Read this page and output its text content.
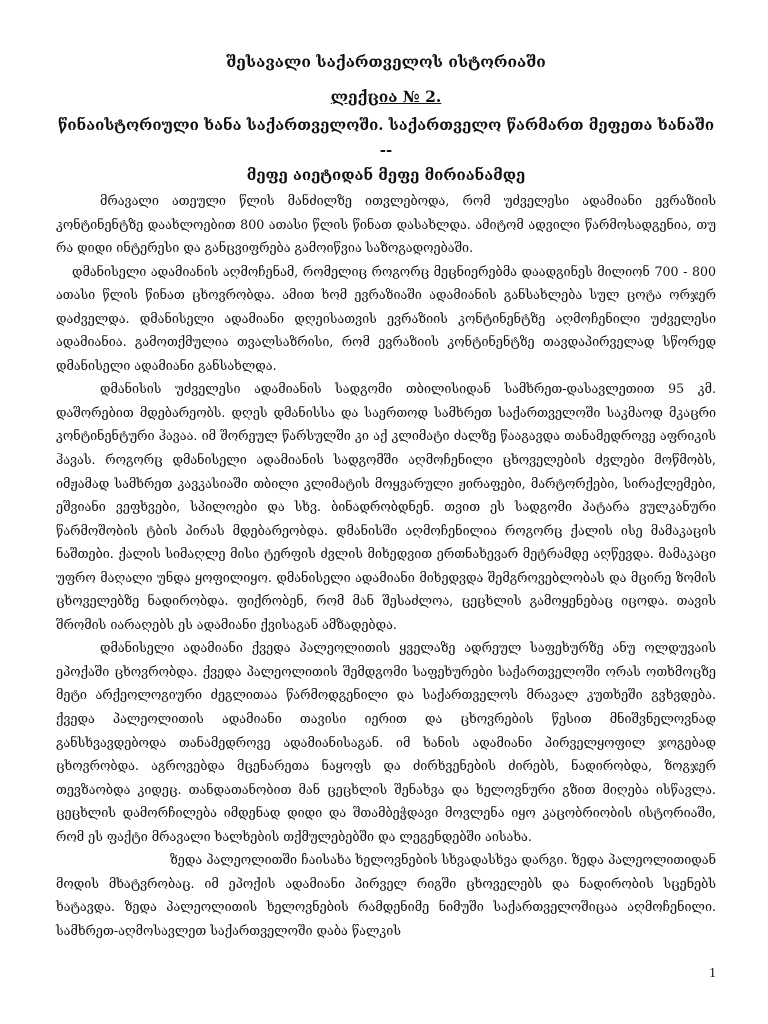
შესავალი საქართველოს ისტორიაში

ლექცია № 2.

წინაისტორიული ხანა საქართველოში. საქართველო წარმართ მეფეთა ხანაში --
მეფე აიეტიდან მეფე მირიანამდე

მრავალი ათეული წლის მანძილზე ითვლებოდა, რომ უძველესი ადამიანი ევრაზიის კონტინენტზე დაახლოებით 800 ათასი წლის წინათ დასახლდა. ამიტომ ადვილი წარმოსადგენია, თუ რა დიდი ინტერესი და განცვიფრება გამოიწვია საზოგადოებაში.

დმანისელი ადამიანის აღმოჩენამ, რომელიც როგორც მეცნიერებმა დაადგინეს მილიონ 700 - 800 ათასი წლის წინათ ცხოვრობდა. ამით ხომ ევრაზიაში ადამიანის განსახლება სულ ცოტა ორჯერ დაძველდა. დმანისელი ადამიანი დღეისათვის ევრაზიის კონტინენტზე აღმოჩენილი უძველესი ადამიანია. გამოთქმულია თვალსაზრისი, რომ ევრაზიის კონტინენტზე თავდაპირველად სწორედ დმანისელი ადამიანი განსახლდა.

დმანისის უძველესი ადამიანის სადგომი თბილისიდან სამხრეთ-დასავლეთით 95 კმ. დაშორებით მდებარეობს. დღეს დმანისსა და საერთოდ სამხრეთ საქართველოში საკმაოდ მკაცრი კონტინენტური ჰავაა. იმ შორეულ წარსულში კი აქ კლიმატი ძალზე წააგავდა თანამედროვე აფრიკის ჰავას. როგორც დმანისელი ადამიანის სადგომში აღმოჩენილი ცხოველების ძვლები მოწმობს, იმჟამად სამხრეთ კავკასიაში თბილი კლიმატის მოყვარული ჟირაფები, მარტორქები, სირაქლემები, ეშვიანი ვეფხვები, სპილოები და სხვ. ბინადრობდნენ. თვით ეს სადგომი პატარა ვულკანური წარმოშობის ტბის პირას მდებარეობდა. დმანისში აღმოჩენილია როგორც ქალის ისე მამაკაცის ნაშთები. ქალის სიმაღლე მისი ტერფის ძვლის მიხედვით ერთნახევარ მეტრამდე აღწევდა. მამაკაცი უფრო მაღალი უნდა ყოფილიყო. დმანისელი ადამიანი მიხედვდა შემგროვებლობას და მცირე ზომის ცხოველებზე ნადირობდა. ფიქრობენ, რომ მან შესაძლოა, ცეცხლის გამოყენებაც იცოდა. თავის შრომის იარაღებს ეს ადამიანი ქვისაგან ამზადებდა.

დმანისელი ადამიანი ქვედა პალეოლითის ყველაზე ადრეულ საფეხურზე ანუ ოლდუვაის ეპოქაში ცხოვრობდა. ქვედა პალეოლითის შემდგომი საფეხურები საქართველოში ორას ოთხმოცზე მეტი არქეოლოგიური ძეგლითაა წარმოდგენილი და საქართველოს მრავალ კუთხეში გვხვდება. ქვედა პალეოლითის ადამიანი თავისი იერით და ცხოვრების წესით მნიშვნელოვნად განსხვავდებოდა თანამედროვე ადამიანისაგან. იმ ხანის ადამიანი პირველყოფილ ჯოგებად ცხოვრობდა. აგროვებდა მცენარეთა ნაყოფს და ძირხვენების ძირებს, ნადირობდა, ზოგჯერ თევზაობდა კიდეც. თანდათანობით მან ცეცხლის შენახვა და ხელოვნური გზით მიღება ისწავლა. ცეცხლის დამორჩილება იმდენად დიდი და შთამბეჭდავი მოვლენა იყო კაცობრიობის ისტორიაში, რომ ეს ფაქტი მრავალი ხალხების თქმულებებში და ლეგენდებში აისახა.

ზედა პალეოლითში ჩაისახა ხელოვნების სხვადასხვა დარგი. ზედა პალეოლითიდან მოდის მხატვრობაც. იმ ეპოქის ადამიანი პირველ რიგში ცხოველებს და ნადირობის სცენებს ხატავდა. ზედა პალეოლითის ხელოვნების რამდენიმე ნიმუში საქართველოშიცაა აღმოჩენილი. სამხრეთ-აღმოსავლეთ საქართველოში დაბა წალკის

1
